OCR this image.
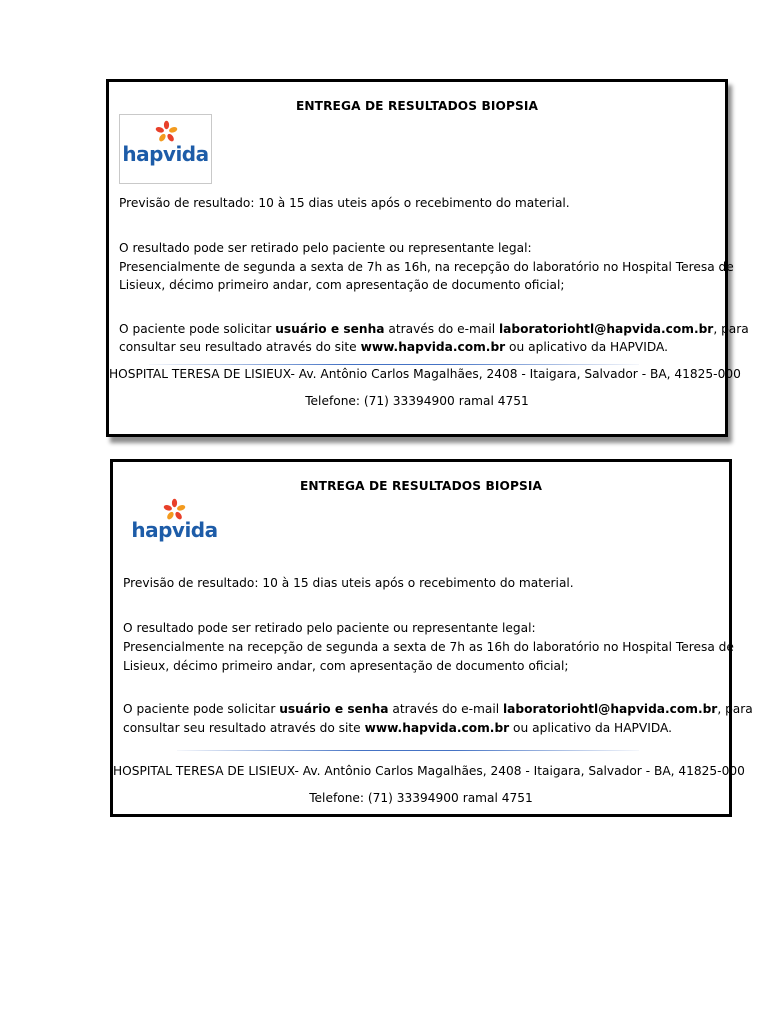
ENTREGA DE RESULTADOS BIOPSIA
hapvida
Previsão de resultado: 10 à 15 dias uteis após o recebimento do material.
O resultado pode ser retirado pelo paciente ou representante legal:
Presencialmente de segunda a sexta de 7h as 16h, na recepção do laboratório no Hospital Teresa de
Lisieux, décimo primeiro andar, com apresentação de documento oficial;
O paciente pode solicitar usuário e senha através do e-mail laboratoriohtl@hapvida.com.br, para
consultar seu resultado através do site www.hapvida.com.br ou aplicativo da HAPVIDA.
HOSPITAL TERESA DE LISIEUX- Av. Antônio Carlos Magalhães, 2408 - Itaigara, Salvador - BA, 41825-000
Telefone: (71) 33394900 ramal 4751
ENTREGA DE RESULTADOS BIOPSIA
hapvida
Previsão de resultado: 10 à 15 dias uteis após o recebimento do material.
O resultado pode ser retirado pelo paciente ou representante legal:
Presencialmente na recepção de segunda a sexta de 7h as 16h do laboratório no Hospital Teresa de
Lisieux, décimo primeiro andar, com apresentação de documento oficial;
O paciente pode solicitar usuário e senha através do e-mail laboratoriohtl@hapvida.com.br, para
consultar seu resultado através do site www.hapvida.com.br ou aplicativo da HAPVIDA.
HOSPITAL TERESA DE LISIEUX- Av. Antônio Carlos Magalhães, 2408 - Itaigara, Salvador - BA, 41825-000
Telefone: (71) 33394900 ramal 4751
